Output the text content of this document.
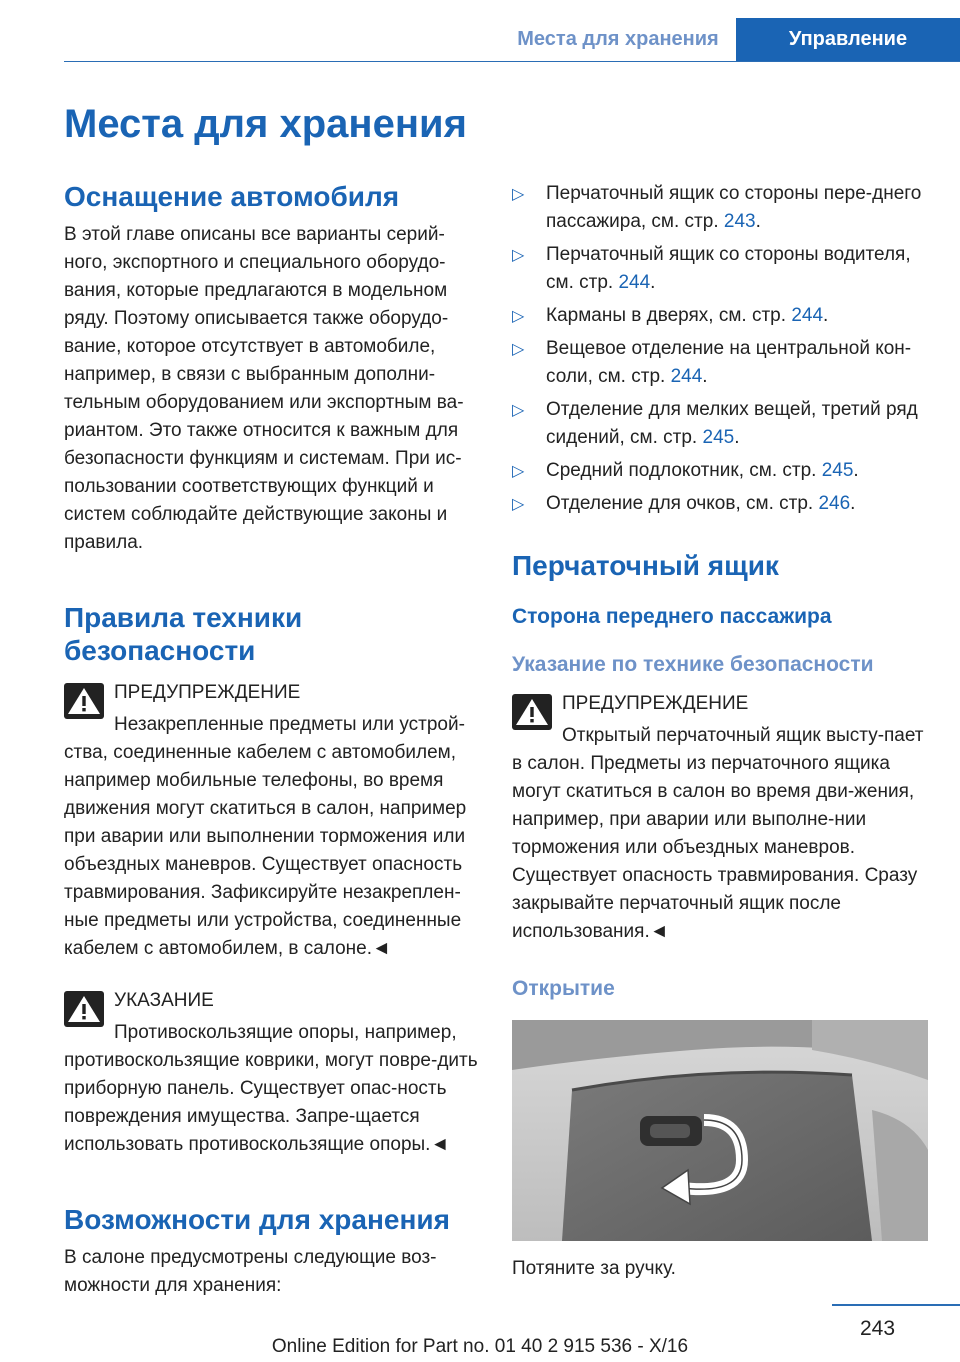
Места для хранения	Управление
Места для хранения
Оснащение автомобиля

В этой главе описаны все варианты серий-ного, экспортного и специального оборудо-вания, которые предлагаются в модельном ряду. Поэтому описывается также оборудо-вание, которое отсутствует в автомобиле, например, в связи с выбранным дополни-тельным оборудованием или экспортным ва-риантом. Это также относится к важным для безопасности функциям и системам. При ис-пользовании соответствующих функций и систем соблюдайте действующие законы и правила.

Правила техники безопасности

ПРЕДУПРЕЖДЕНИЕ

Незакрепленные предметы или устрой-ства, соединенные кабелем с автомобилем, например мобильные телефоны, во время движения могут скатиться в салон, например при аварии или выполнении торможения или объездных маневров. Существует опасность травмирования. Зафиксируйте незакреплен-ные предметы или устройства, соединенные кабелем с автомобилем, в салоне.◄

УКАЗАНИЕ

Противоскользящие опоры, например, противоскользящие коврики, могут повре-дить приборную панель. Существует опас-ность повреждения имущества. Запре-щается использовать противоскользящие опоры.◄

Возможности для хранения

В салоне предусмотрены следующие воз-можности для хранения:

▷ Перчаточный ящик со стороны пере-днего пассажира, см. стр. 243.
▷ Перчаточный ящик со стороны водителя, см. стр. 244.
▷ Карманы в дверях, см. стр. 244.
▷ Вещевое отделение на центральной кон-соли, см. стр. 244.
▷ Отделение для мелких вещей, третий ряд сидений, см. стр. 245.
▷ Средний подлокотник, см. стр. 245.
▷ Отделение для очков, см. стр. 246.
Перчаточный ящик
Сторона переднего пассажира
Указание по технике безопасности

ПРЕДУПРЕЖДЕНИЕ

Открытый перчаточный ящик высту-пает в салон. Предметы из перчаточного ящика могут скатиться в салон во время дви-жения, например, при аварии или выполне-нии торможения или объездных маневров. Существует опасность травмирования. Сразу закрывайте перчаточный ящик после использования.◄

Открытие

Потяните за ручку.

243
Online Edition for Part no. 01 40 2 915 536 - X/16
